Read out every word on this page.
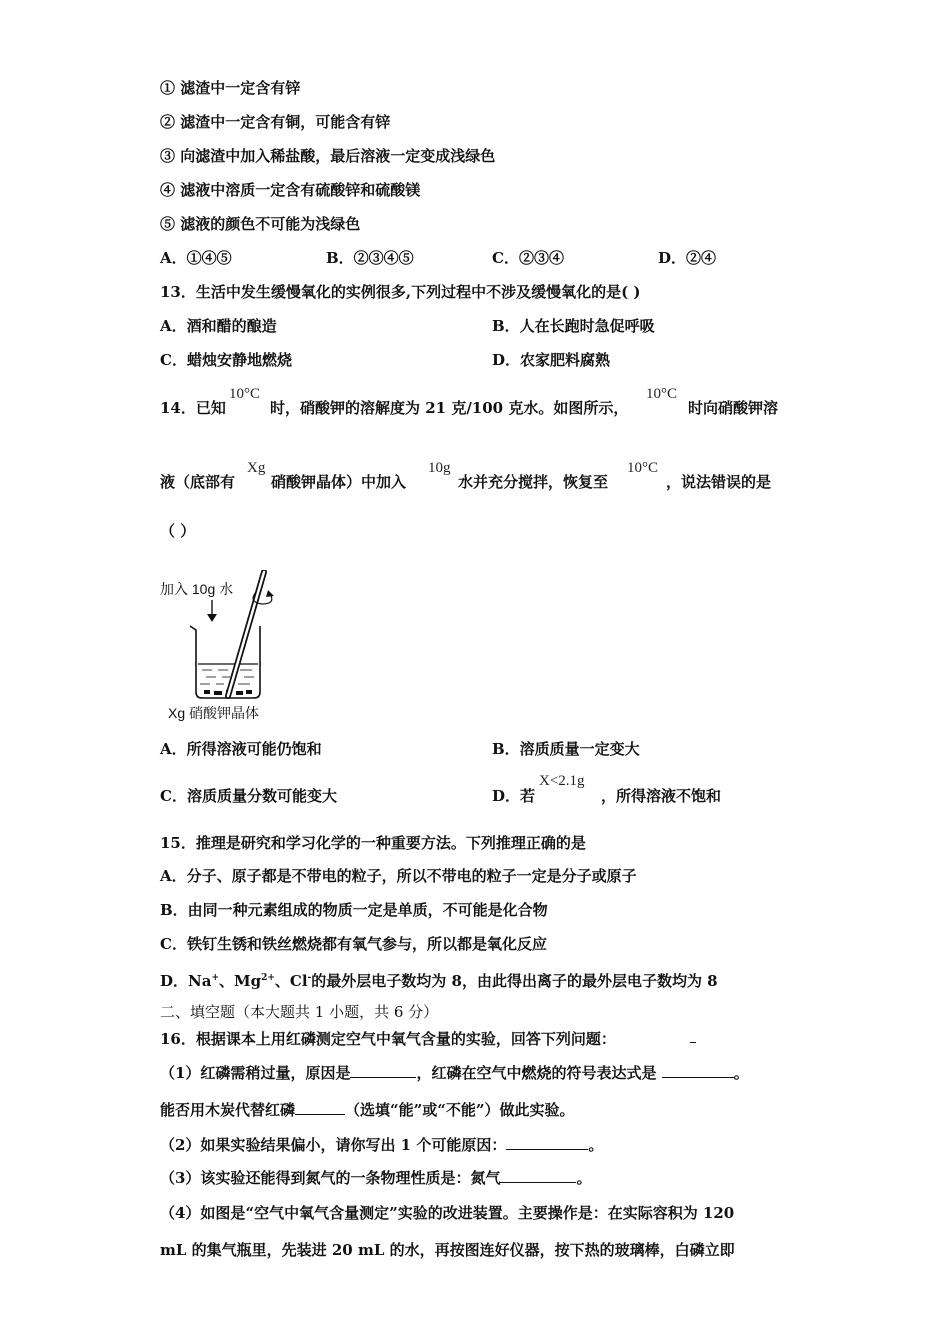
① 滤渣中一定含有锌
② 滤渣中一定含有铜，可能含有锌
③ 向滤渣中加入稀盐酸，最后溶液一定变成浅绿色
④ 滤液中溶质一定含有硫酸锌和硫酸镁
⑤ 滤液的颜色不可能为浅绿色
A．①④⑤	B．②③④⑤	C．②③④	D．②④
13．生活中发生缓慢氧化的实例很多,下列过程中不涉及缓慢氧化的是( )
A．酒和醋的酿造	B．人在长跑时急促呼吸
C．蜡烛安静地燃烧	D．农家肥料腐熟
14．已知
10°C
时，硝酸钾的溶解度为 21 克/100 克水。如图所示，
10°C
时向硝酸钾溶
液（底部有
Xg
硝酸钾晶体）中加入
10g
水并充分搅拌，恢复至
10°C
，说法错误的是
（ ）
加入 10g 水
Xg 硝酸钾晶体
A．所得溶液可能仍饱和	B．溶质质量一定变大
C．溶质质量分数可能变大	D．若
X<2.1g
，所得溶液不饱和
15．推理是研究和学习化学的一种重要方法。下列推理正确的是
A．分子、原子都是不带电的粒子，所以不带电的粒子一定是分子或原子
B．由同一种元素组成的物质一定是单质，不可能是化合物
C．铁钉生锈和铁丝燃烧都有氧气参与，所以都是氧化反应
D．Na+、$Mg^{2+}$、Cl-的最外层电子数均为 8，由此得出离子的最外层电子数均为 8
二、填空题（本大题共 1 小题，共 6 分）
16．根据课本上用红磷测定空气中氧气含量的实验，回答下列问题：
（1）红磷需稍过量，原因是	，红磷在空气中燃烧的符号表达式是	。
能否用木炭代替红磷	（选填“能”或“不能”）做此实验。
（2）如果实验结果偏小，请你写出 1 个可能原因：	。
（3）该实验还能得到氮气的一条物理性质是：氮气	。
（4）如图是“空气中氧气含量测定”实验的改进装置。主要操作是：在实际容积为 120
mL 的集气瓶里，先装进 20 mL 的水，再按图连好仪器，按下热的玻璃棒，白磷立即
